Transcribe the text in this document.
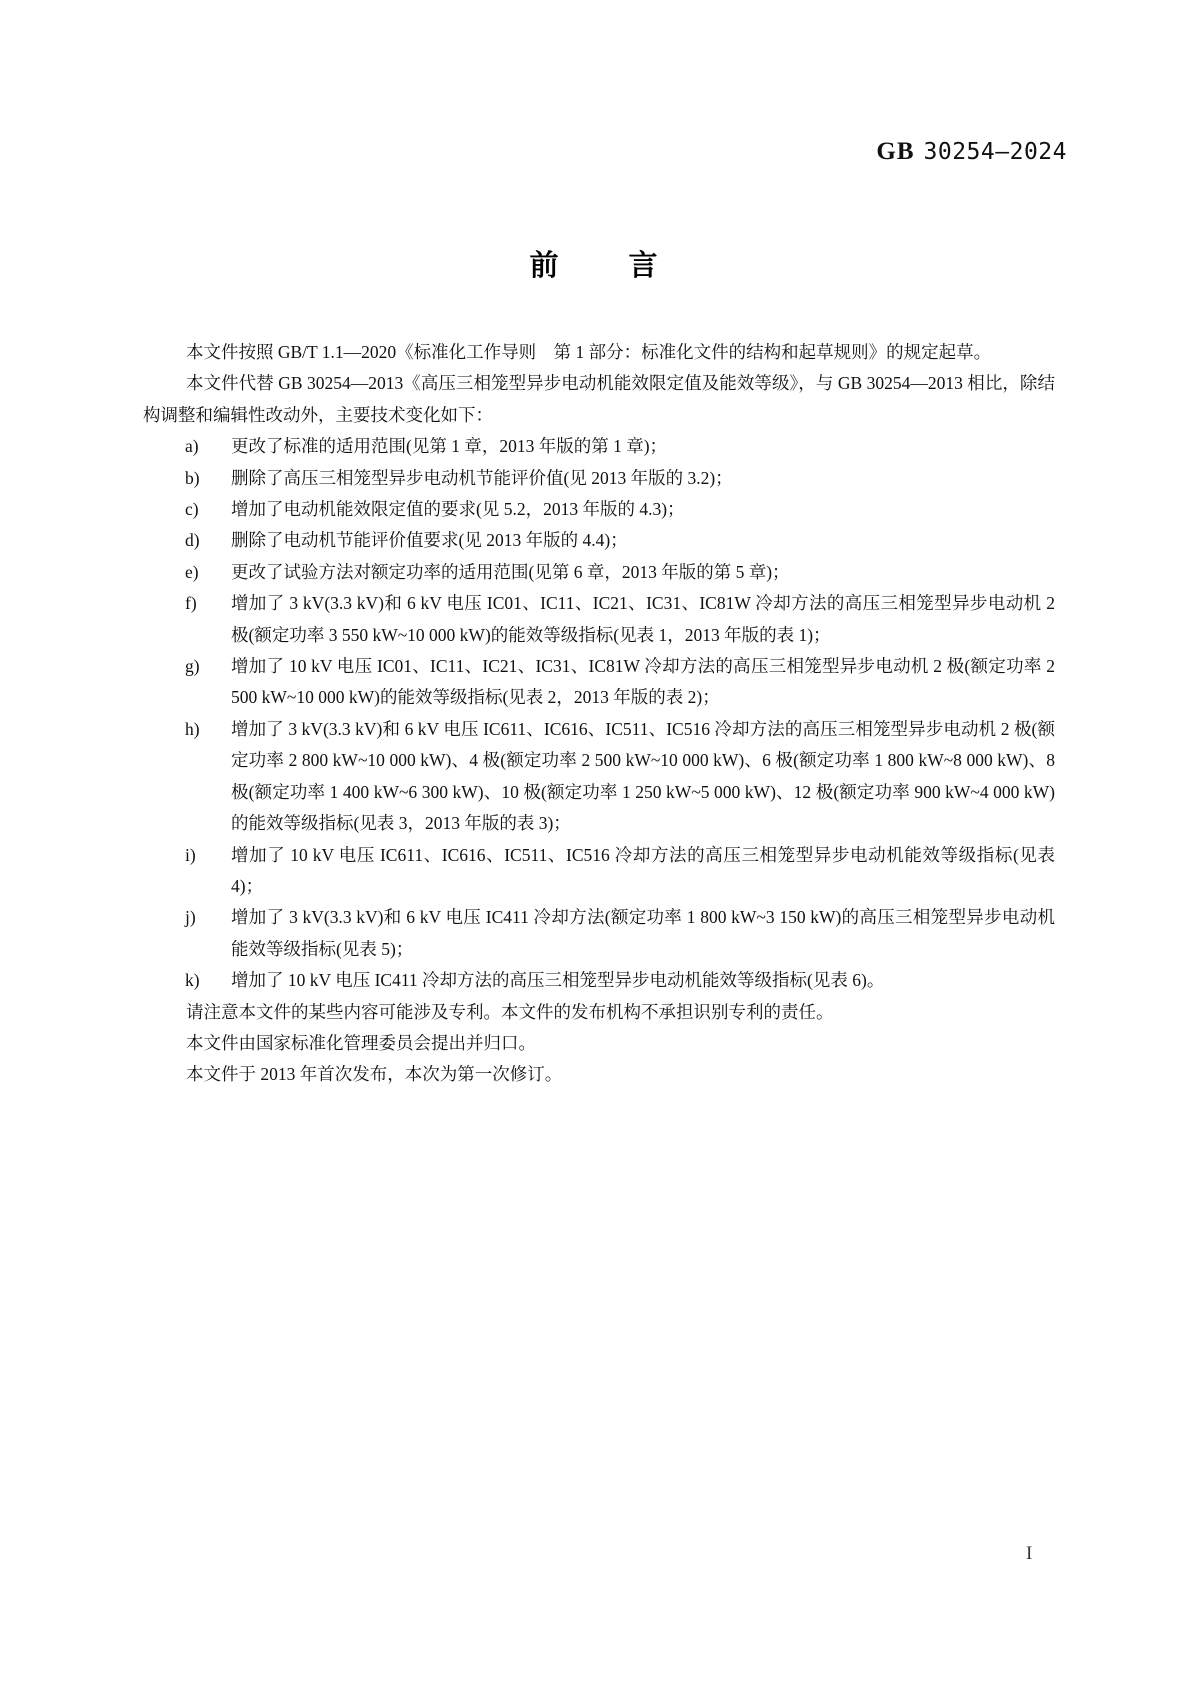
GB 30254—2024
前　　言

本文件按照 GB/T 1.1—2020《标准化工作导则　第 1 部分：标准化文件的结构和起草规则》的规定起草。

本文件代替 GB 30254—2013《高压三相笼型异步电动机能效限定值及能效等级》，与 GB 30254—2013 相比，除结构调整和编辑性改动外，主要技术变化如下：

a) 更改了标准的适用范围(见第 1 章，2013 年版的第 1 章)；
b) 删除了高压三相笼型异步电动机节能评价值(见 2013 年版的 3.2)；
c) 增加了电动机能效限定值的要求(见 5.2，2013 年版的 4.3)；
d) 删除了电动机节能评价值要求(见 2013 年版的 4.4)；
e) 更改了试验方法对额定功率的适用范围(见第 6 章，2013 年版的第 5 章)；
f) 增加了 3 kV(3.3 kV)和 6 kV 电压 IC01、IC11、IC21、IC31、IC81W 冷却方法的高压三相笼型异步电动机 2 极(额定功率 3 550 kW~10 000 kW)的能效等级指标(见表 1，2013 年版的表 1)；
g) 增加了 10 kV 电压 IC01、IC11、IC21、IC31、IC81W 冷却方法的高压三相笼型异步电动机 2 极(额定功率 2 500 kW~10 000 kW)的能效等级指标(见表 2，2013 年版的表 2)；
h) 增加了 3 kV(3.3 kV)和 6 kV 电压 IC611、IC616、IC511、IC516 冷却方法的高压三相笼型异步电动机 2 极(额定功率 2 800 kW~10 000 kW)、4 极(额定功率 2 500 kW~10 000 kW)、6 极(额定功率 1 800 kW~8 000 kW)、8 极(额定功率 1 400 kW~6 300 kW)、10 极(额定功率 1 250 kW~5 000 kW)、12 极(额定功率 900 kW~4 000 kW)的能效等级指标(见表 3，2013 年版的表 3)；
i) 增加了 10 kV 电压 IC611、IC616、IC511、IC516 冷却方法的高压三相笼型异步电动机能效等级指标(见表 4)；
j) 增加了 3 kV(3.3 kV)和 6 kV 电压 IC411 冷却方法(额定功率 1 800 kW~3 150 kW)的高压三相笼型异步电动机能效等级指标(见表 5)；
k) 增加了 10 kV 电压 IC411 冷却方法的高压三相笼型异步电动机能效等级指标(见表 6)。

请注意本文件的某些内容可能涉及专利。本文件的发布机构不承担识别专利的责任。

本文件由国家标准化管理委员会提出并归口。

本文件于 2013 年首次发布，本次为第一次修订。

I
